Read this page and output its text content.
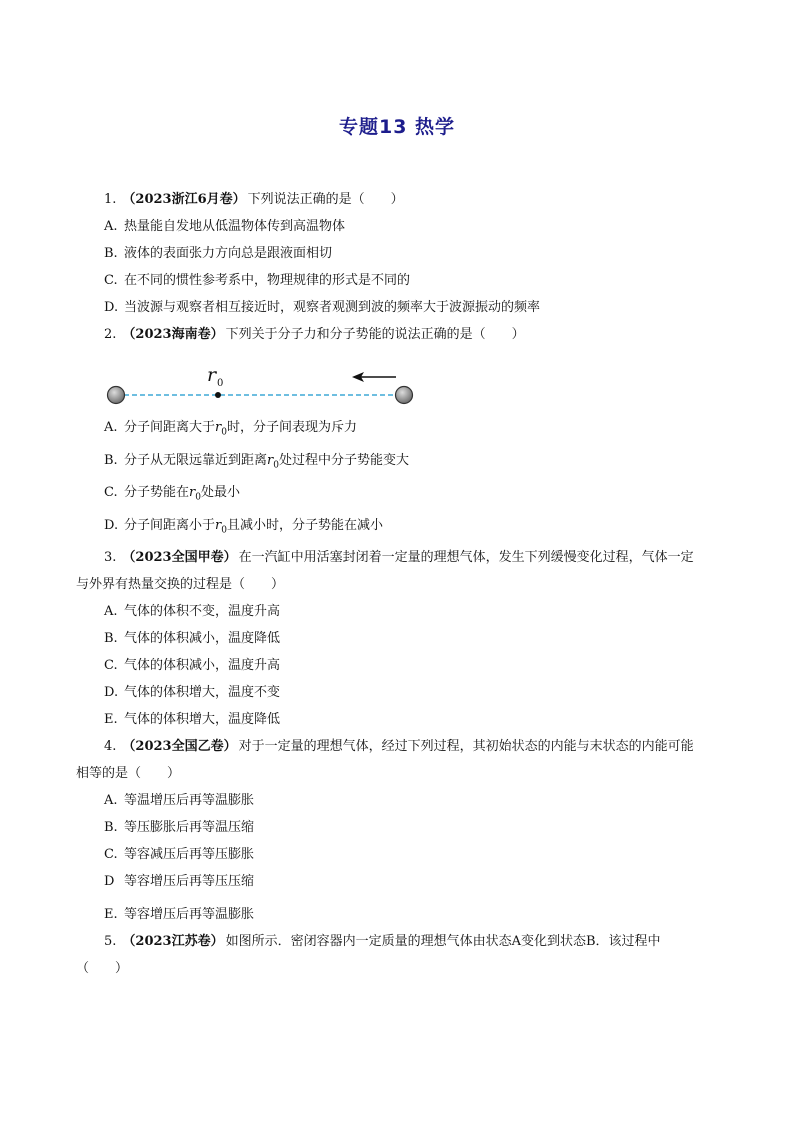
专题13 热学

1. （2023浙江6月卷） 下列说法正确的是（　　）

A. 热量能自发地从低温物体传到高温物体

B. 液体的表面张力方向总是跟液面相切

C. 在不同的惯性参考系中，物理规律的形式是不同的

D. 当波源与观察者相互接近时，观察者观测到波的频率大于波源振动的频率

2. （2023海南卷） 下列关于分子力和分子势能的说法正确的是（　　）

r 0

A. 分子间距离大于$r_0$时，分子间表现为斥力

B. 分子从无限远靠近到距离$r_0$处过程中分子势能变大

C. 分子势能在$r_0$处最小

D. 分子间距离小于$r_0$且减小时，分子势能在减小

3. （2023全国甲卷） 在一汽缸中用活塞封闭着一定量的理想气体，发生下列缓慢变化过程，气体一定

与外界有热量交换的过程是（　　）

A. 气体的体积不变，温度升高

B. 气体的体积减小，温度降低

C. 气体的体积减小，温度升高

D. 气体的体积增大，温度不变

E. 气体的体积增大，温度降低

4. （2023全国乙卷） 对于一定量的理想气体，经过下列过程，其初始状态的内能与末状态的内能可能

相等的是（　　）

A. 等温增压后再等温膨胀

B. 等压膨胀后再等温压缩

C. 等容减压后再等压膨胀

D 等容增压后再等压压缩

E. 等容增压后再等温膨胀

5. （2023江苏卷） 如图所示．密闭容器内一定质量的理想气体由状态A变化到状态B．该过程中

（　　）
